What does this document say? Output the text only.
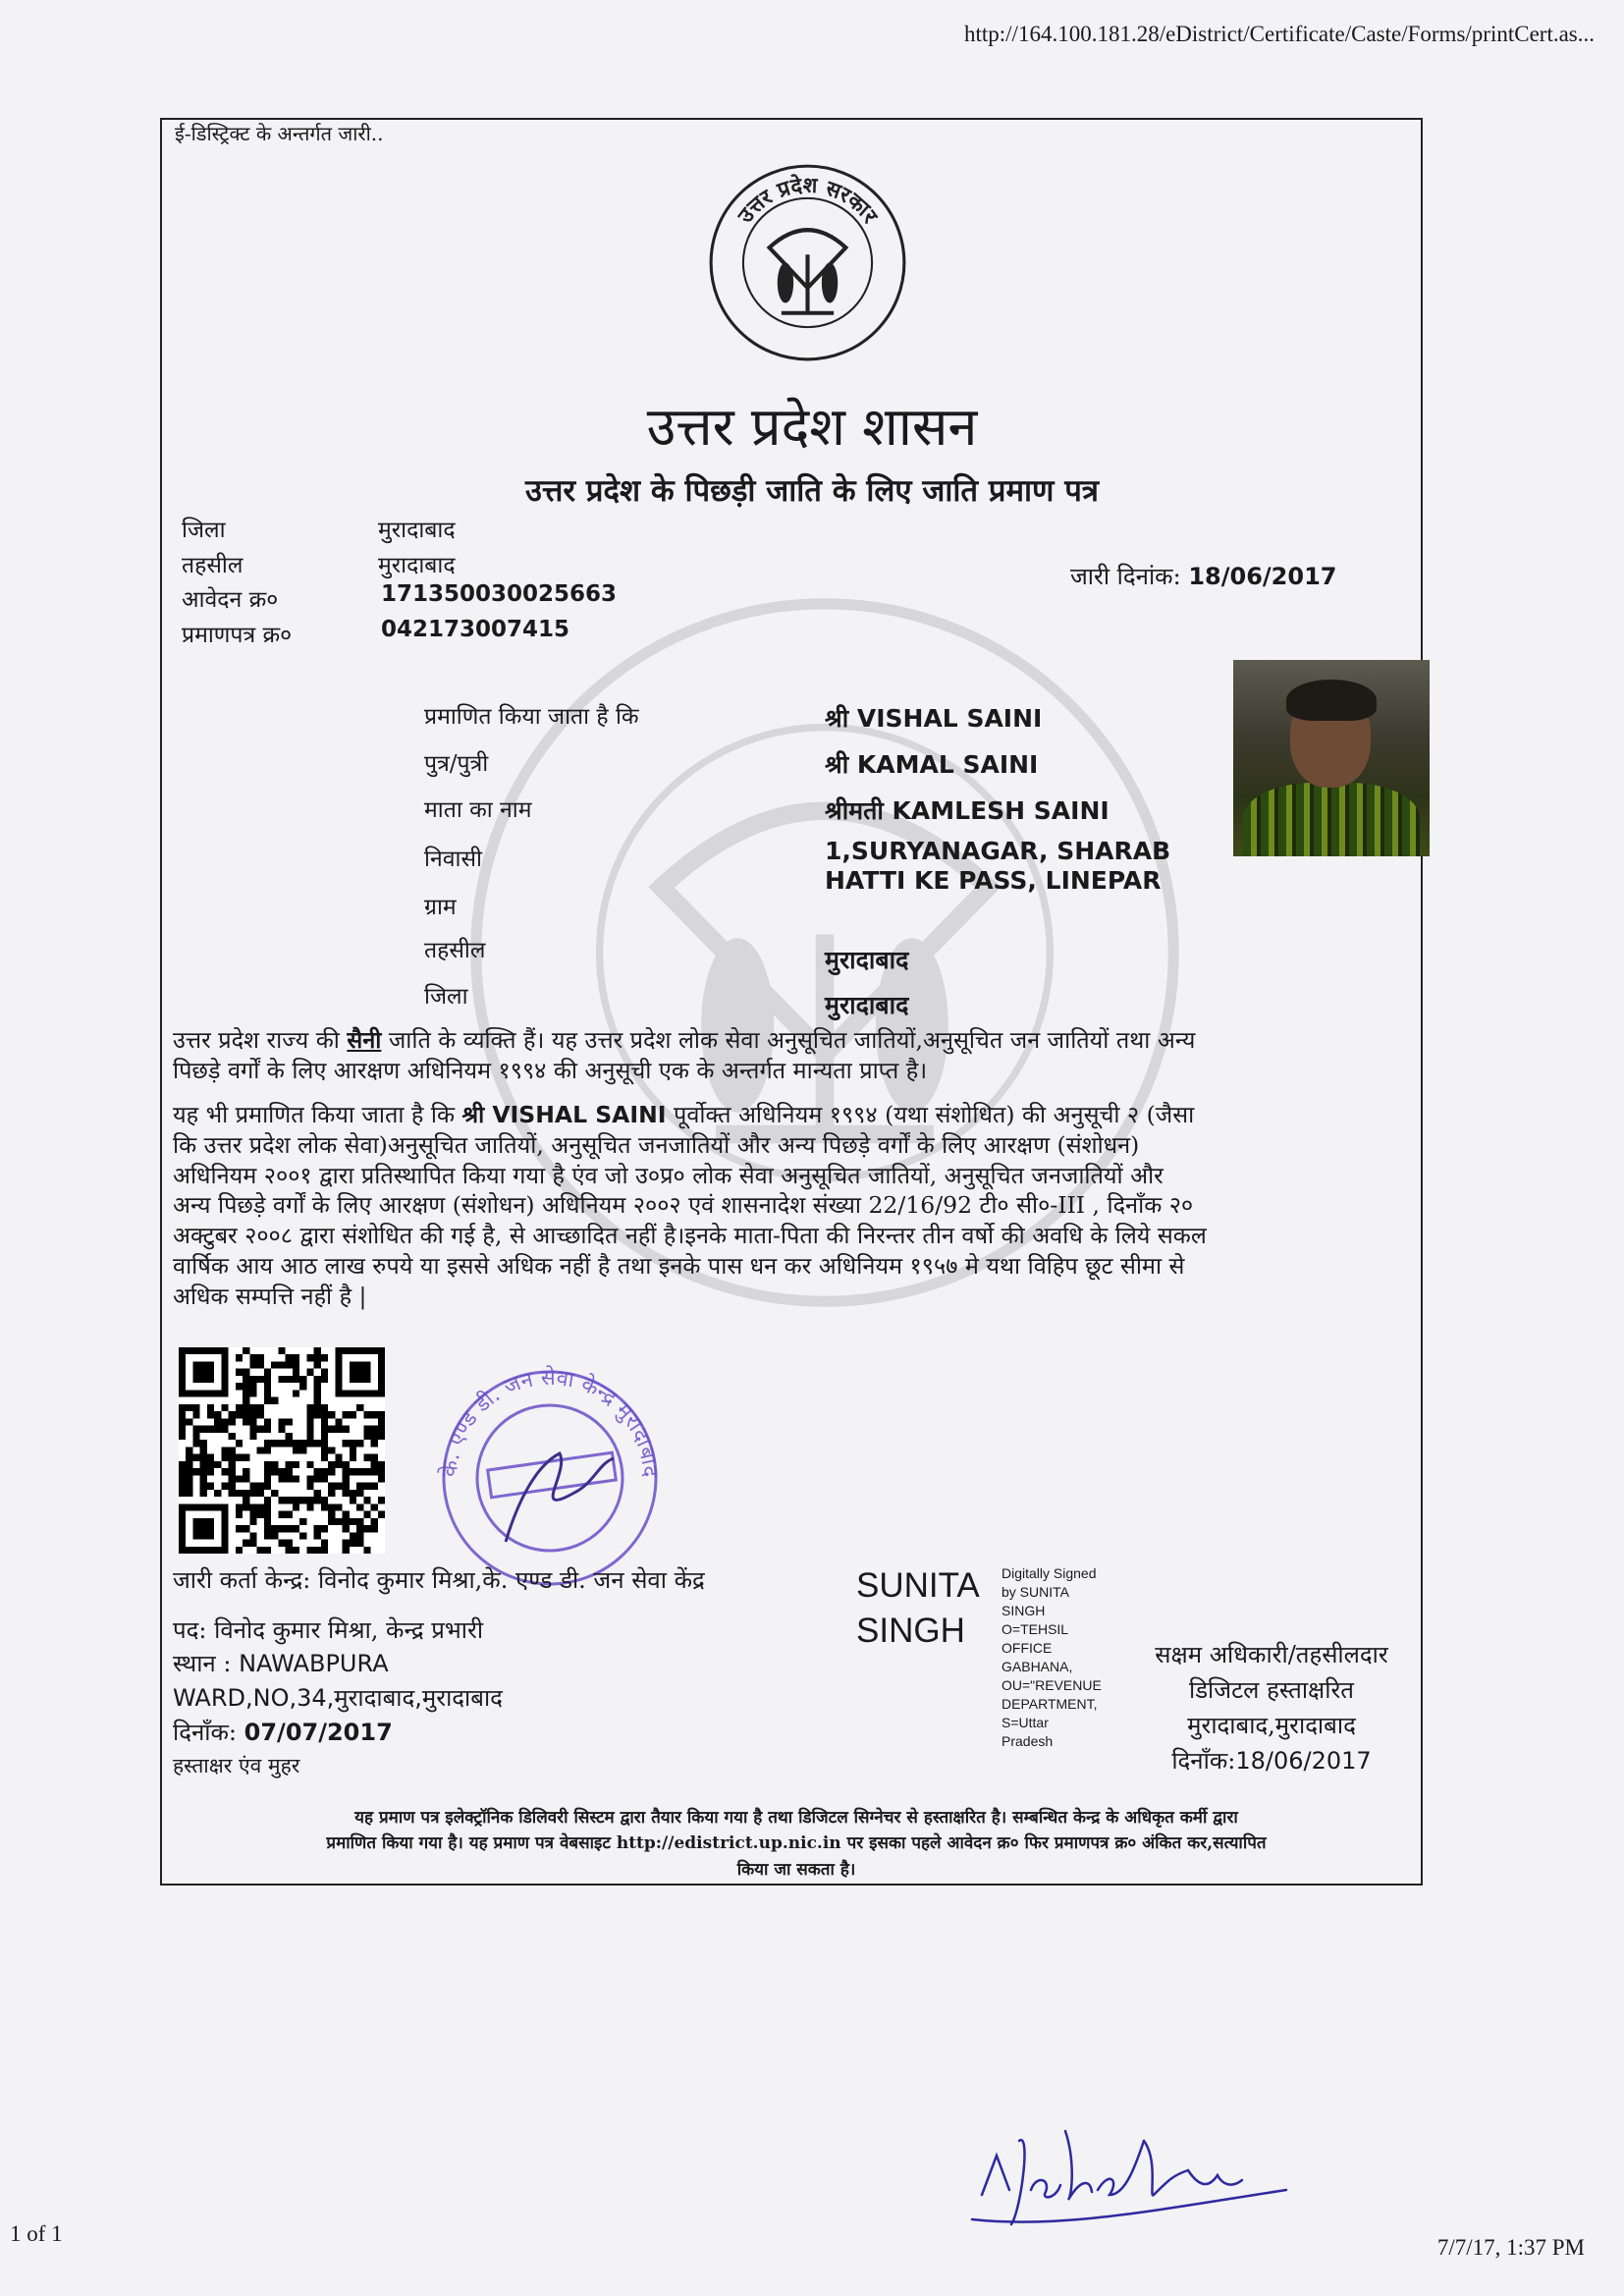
http://164.100.181.28/eDistrict/Certificate/Caste/Forms/printCert.as...
1 of 1
7/7/17, 1:37 PM
ई-डिस्ट्रिक्ट के अन्तर्गत जारी..
उत्तर प्रदेश सरकार
उत्तर प्रदेश शासन
उत्तर प्रदेश के पिछड़ी जाति के लिए जाति प्रमाण पत्र
जिला	मुरादाबाद
तहसील	मुरादाबाद
आवेदन क्र०	171350030025663
प्रमाणपत्र क्र०	042173007415
जारी दिनांक: 18/06/2017
प्रमाणित किया जाता है कि	श्री VISHAL SAINI
पुत्र/पुत्री	श्री KAMAL SAINI
माता का नाम	श्रीमती KAMLESH SAINI
निवासी	1,SURYANAGAR, SHARAB
HATTI KE PASS, LINEPAR
ग्राम
तहसील	मुरादाबाद
जिला	मुरादाबाद
उत्तर प्रदेश राज्य की सैनी जाति के व्यक्ति हैं। यह उत्तर प्रदेश लोक सेवा अनुसूचित जातियों,अनुसूचित जन जातियों तथा अन्य
पिछड़े वर्गों के लिए आरक्षण अधिनियम १९९४ की अनुसूची एक के अन्तर्गत मान्यता प्राप्त है।
यह भी प्रमाणित किया जाता है कि श्री VISHAL SAINI पूर्वोक्त अधिनियम १९९४ (यथा संशोधित) की अनुसूची २ (जैसा
कि उत्तर प्रदेश लोक सेवा)अनुसूचित जातियों, अनुसूचित जनजातियों और अन्य पिछड़े वर्गों के लिए आरक्षण (संशोधन)
अधिनियम २००१ द्वारा प्रतिस्थापित किया गया है एंव जो उ०प्र० लोक सेवा अनुसूचित जातियों, अनुसूचित जनजातियों और
अन्य पिछड़े वर्गों के लिए आरक्षण (संशोधन) अधिनियम २००२ एवं शासनादेश संख्या 22/16/92 टी० सी०-III , दिनाँक २०
अक्टुबर २००८ द्वारा संशोधित की गई है, से आच्छादित नहीं है।इनके माता-पिता की निरन्तर तीन वर्षो की अवधि के लिये सकल
वार्षिक आय आठ लाख रुपये या इससे अधिक नहीं है तथा इनके पास धन कर अधिनियम १९५७ मे यथा विहिप छूट सीमा से
अधिक सम्पत्ति नहीं है |
के. एण्ड डी. जन सेवा केन्द्र मुरादाबाद
जारी कर्ता केन्द्र: विनोद कुमार मिश्रा,के. एण्ड डी. जन सेवा केंद्र
पद: विनोद कुमार मिश्रा, केन्द्र प्रभारी
स्थान : NAWABPURA
WARD,NO,34,मुरादाबाद,मुरादाबाद
दिनाँक: 07/07/2017
हस्ताक्षर एंव मुहर
SUNITA
SINGH
Digitally Signed
by SUNITA
SINGH
O=TEHSIL
OFFICE
GABHANA,
OU="REVENUE
DEPARTMENT,
S=Uttar
Pradesh
सक्षम अधिकारी/तहसीलदार
डिजिटल हस्ताक्षरित
मुरादाबाद,मुरादाबाद
दिनाँक:18/06/2017
यह प्रमाण पत्र इलेक्ट्रॉनिक डिलिवरी सिस्टम द्वारा तैयार किया गया है तथा डिजिटल सिग्नेचर से हस्ताक्षरित है। सम्बन्धित केन्द्र के अधिकृत कर्मी द्वारा
प्रमाणित किया गया है। यह प्रमाण पत्र वेबसाइट http://edistrict.up.nic.in पर इसका पहले आवेदन क्र० फिर प्रमाणपत्र क्र० अंकित कर,सत्यापित
किया जा सकता है।
